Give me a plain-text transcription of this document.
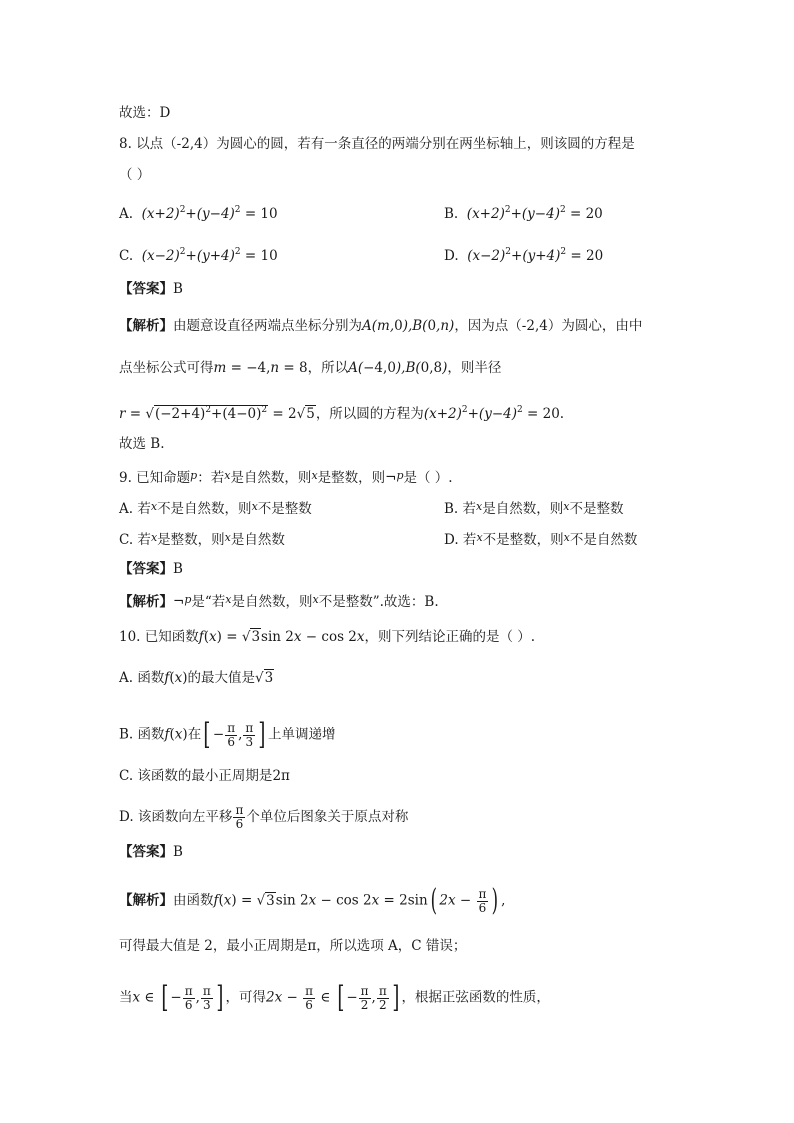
故选：D
8. 以点（-2,4）为圆心的圆，若有一条直径的两端分别在两坐标轴上，则该圆的方程是
（ ）
A.  $(x+2)^2+(y-4)^2 = 10$	B.  $(x+2)^2+(y-4)^2 = 20$
C.  $(x-2)^2+(y+4)^2 = 10$	D.  $(x-2)^2+(y+4)^2 = 20$
【答案】B
【解析】由题意设直径两端点坐标分别为A(m,0),B(0,n)，因为点（-2,4）为圆心，由中
点坐标公式可得m = −4,n = 8，所以A(−4,0),B(0,8)，则半径
$r = √(-2+4)^2+(4-0)^2 = 2√5$，所以圆的方程为$(x+2)^2+(y-4)^2 = 20$.
故选 B.
9. 已知命题$^p$：若$^x$是自然数，则$^x$是整数，则¬$^p$是（ ）.
A. 若$^x$不是自然数，则$^x$不是整数	B. 若$^x$是自然数，则$^x$不是整数
C. 若$^x$是整数，则$^x$是自然数	D. 若$^x$不是整数，则$^x$不是自然数
【答案】B
【解析】¬$^p$是“若$^x$是自然数，则$^x$不是整数”.故选：B.
10. 已知函数f(x) = √3sin 2x − cos 2x，则下列结论正确的是（ ）.
A. 函数f(x)的最大值是√3
B. 函数f(x)在[ − $\frac{\pi}{6}$ , $\frac{\pi}{3}$ ] 上单调递增
C. 该函数的最小正周期是2π
D. 该函数向左平移 $\frac{\pi}{6}$ 个单位后图象关于原点对称
【答案】B
【解析】由函数f(x) = √3sin 2x − cos 2x = 2sin( $2x - \frac{\pi}{6}$ ) ,
可得最大值是 2，最小正周期是π，所以选项 A，C 错误；
当x ∈ [ − $\frac{\pi}{6}$ , $\frac{\pi}{3}$ ] ，可得$2x - \frac{\pi}{6}$ ∈ [ − $\frac{\pi}{2}$ , $\frac{\pi}{2}$ ] ，根据正弦函数的性质，
